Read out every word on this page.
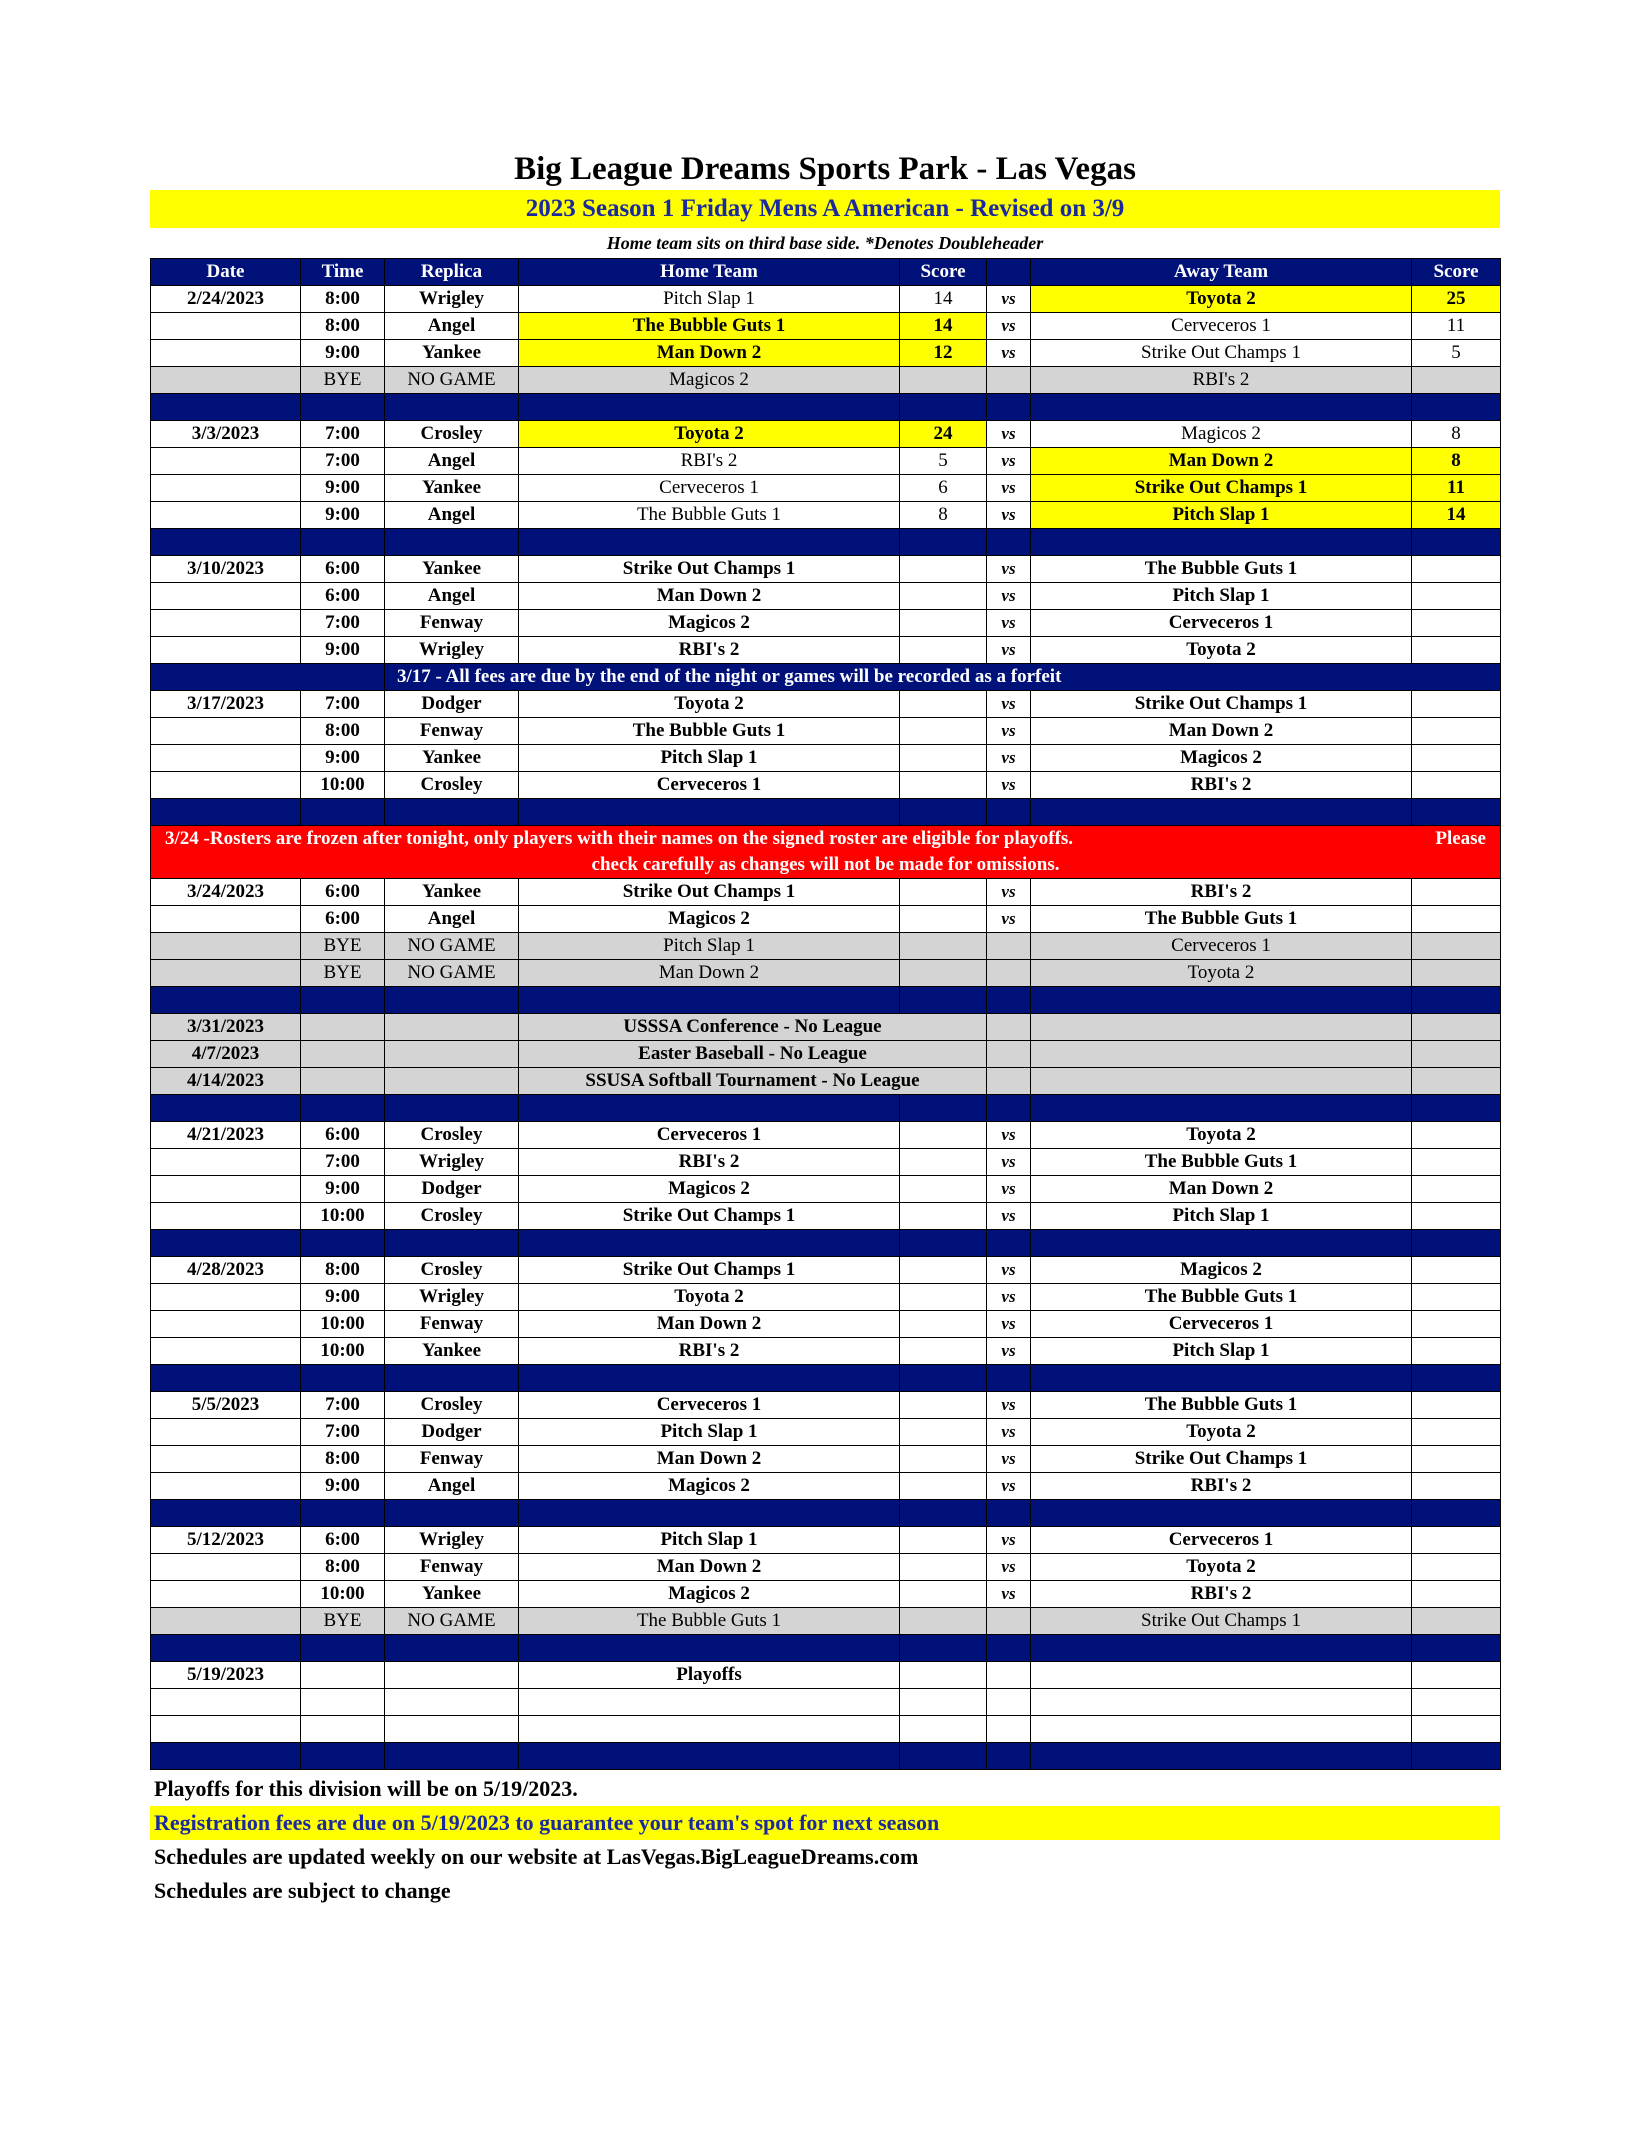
Big League Dreams Sports Park - Las Vegas
2023 Season 1 Friday Mens A American - Revised on 3/9
Home team sits on third base side. *Denotes Doubleheader
Date	Time	Replica	Home Team	Score		Away Team	Score
2/24/2023	8:00	Wrigley	Pitch Slap 1	14	vs	Toyota 2	25
	8:00	Angel	The Bubble Guts 1	14	vs	Cerveceros 1	11
	9:00	Yankee	Man Down 2	12	vs	Strike Out Champs 1	5
	BYE	NO GAME	Magicos 2			RBI's 2	

3/3/2023	7:00	Crosley	Toyota 2	24	vs	Magicos 2	8
	7:00	Angel	RBI's 2	5	vs	Man Down 2	8
	9:00	Yankee	Cerveceros 1	6	vs	Strike Out Champs 1	11
	9:00	Angel	The Bubble Guts 1	8	vs	Pitch Slap 1	14

3/10/2023	6:00	Yankee	Strike Out Champs 1		vs	The Bubble Guts 1	
	6:00	Angel	Man Down 2		vs	Pitch Slap 1	
	7:00	Fenway	Magicos 2		vs	Cerveceros 1	
	9:00	Wrigley	RBI's 2		vs	Toyota 2	
		3/17 - All fees are due by the end of the night or games will be recorded as a forfeit					
3/17/2023	7:00	Dodger	Toyota 2		vs	Strike Out Champs 1	
	8:00	Fenway	The Bubble Guts 1		vs	Man Down 2	
	9:00	Yankee	Pitch Slap 1		vs	Magicos 2	
	10:00	Crosley	Cerveceros 1		vs	RBI's 2	

3/24 -Rosters are frozen after tonight, only players with their names on the signed roster are eligible for playoffs. Please
check carefully as changes will not be made for omissions.							

3/24/2023	6:00	Yankee	Strike Out Champs 1		vs	RBI's 2	
	6:00	Angel	Magicos 2		vs	The Bubble Guts 1	
	BYE	NO GAME	Pitch Slap 1			Cerveceros 1	
	BYE	NO GAME	Man Down 2			Toyota 2	

3/31/2023			USSSA Conference - No League				
4/7/2023			Easter Baseball - No League				
4/14/2023			SSUSA Softball Tournament - No League				

4/21/2023	6:00	Crosley	Cerveceros 1		vs	Toyota 2	
	7:00	Wrigley	RBI's 2		vs	The Bubble Guts 1	
	9:00	Dodger	Magicos 2		vs	Man Down 2	
	10:00	Crosley	Strike Out Champs 1		vs	Pitch Slap 1	

4/28/2023	8:00	Crosley	Strike Out Champs 1		vs	Magicos 2	
	9:00	Wrigley	Toyota 2		vs	The Bubble Guts 1	
	10:00	Fenway	Man Down 2		vs	Cerveceros 1	
	10:00	Yankee	RBI's 2		vs	Pitch Slap 1	

5/5/2023	7:00	Crosley	Cerveceros 1		vs	The Bubble Guts 1	
	7:00	Dodger	Pitch Slap 1		vs	Toyota 2	
	8:00	Fenway	Man Down 2		vs	Strike Out Champs 1	
	9:00	Angel	Magicos 2		vs	RBI's 2	

5/12/2023	6:00	Wrigley	Pitch Slap 1		vs	Cerveceros 1	
	8:00	Fenway	Man Down 2		vs	Toyota 2	
	10:00	Yankee	Magicos 2		vs	RBI's 2	
	BYE	NO GAME	The Bubble Guts 1			Strike Out Champs 1	

5/19/2023			Playoffs				

Playoffs for this division will be on 5/19/2023.
Registration fees are due on 5/19/2023 to guarantee your team's spot for next season
Schedules are updated weekly on our website at LasVegas.BigLeagueDreams.com
Schedules are subject to change
